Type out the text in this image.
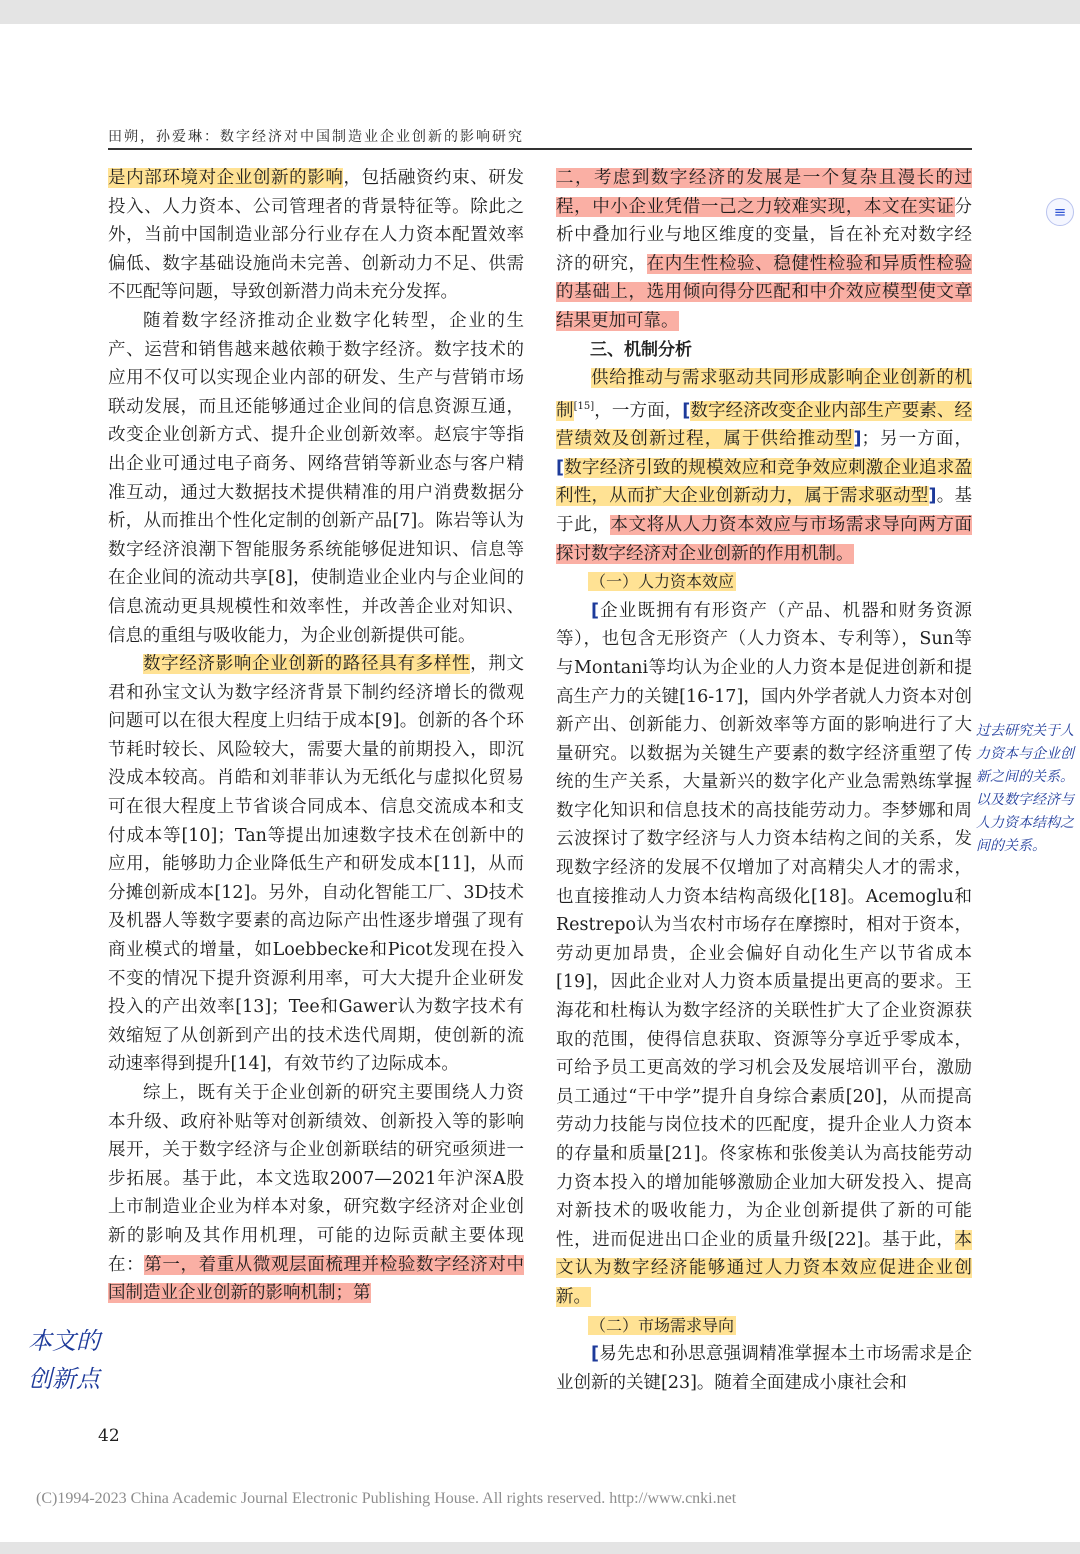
≡
田朔，孙爱琳：数字经济对中国制造业企业创新的影响研究

是内部环境对企业创新的影响，包括融资约束、研发投入、人力资本、公司管理者的背景特征等。除此之外，当前中国制造业部分行业存在人力资本配置效率偏低、数字基础设施尚未完善、创新动力不足、供需不匹配等问题，导致创新潜力尚未充分发挥。

随着数字经济推动企业数字化转型，企业的生产、运营和销售越来越依赖于数字经济。数字技术的应用不仅可以实现企业内部的研发、生产与营销市场联动发展，而且还能够通过企业间的信息资源互通，改变企业创新方式、提升企业创新效率。赵宸宇等指出企业可通过电子商务、网络营销等新业态与客户精准互动，通过大数据技术提供精准的用户消费数据分析，从而推出个性化定制的创新产品[7]。陈岩等认为数字经济浪潮下智能服务系统能够促进知识、信息等在企业间的流动共享[8]，使制造业企业内与企业间的信息流动更具规模性和效率性，并改善企业对知识、信息的重组与吸收能力，为企业创新提供可能。

数字经济影响企业创新的路径具有多样性，荆文君和孙宝文认为数字经济背景下制约经济增长的微观问题可以在很大程度上归结于成本[9]。创新的各个环节耗时较长、风险较大，需要大量的前期投入，即沉没成本较高。肖皓和刘菲菲认为无纸化与虚拟化贸易可在很大程度上节省谈合同成本、信息交流成本和支付成本等[10]；Tan等提出加速数字技术在创新中的应用，能够助力企业降低生产和研发成本[11]，从而分摊创新成本[12]。另外，自动化智能工厂、3D技术及机器人等数字要素的高边际产出性逐步增强了现有商业模式的增量，如Loebbecke和Picot发现在投入不变的情况下提升资源利用率，可大大提升企业研发投入的产出效率[13]；Tee和Gawer认为数字技术有效缩短了从创新到产出的技术迭代周期，使创新的流动速率得到提升[14]，有效节约了边际成本。

综上，既有关于企业创新的研究主要围绕人力资本升级、政府补贴等对创新绩效、创新投入等的影响展开，关于数字经济与企业创新联结的研究亟须进一步拓展。基于此，本文选取2007—2021年沪深A股上市制造业企业为样本对象，研究数字经济对企业创新的影响及其作用机理，可能的边际贡献主要体现在：第一，着重从微观层面梳理并检验数字经济对中国制造业企业创新的影响机制；第

二，考虑到数字经济的发展是一个复杂且漫长的过程，中小企业凭借一己之力较难实现，本文在实证分析中叠加行业与地区维度的变量，旨在补充对数字经济的研究，在内生性检验、稳健性检验和异质性检验的基础上，选用倾向得分匹配和中介效应模型使文章结果更加可靠。

三、机制分析

供给推动与需求驱动共同形成影响企业创新的机制[15]，一方面，[数字经济改变企业内部生产要素、经营绩效及创新过程，属于供给推动型]；另一方面，[数字经济引致的规模效应和竞争效应刺激企业追求盈利性，从而扩大企业创新动力，属于需求驱动型]。基于此，本文将从人力资本效应与市场需求导向两方面探讨数字经济对企业创新的作用机制。

（一）人力资本效应

[企业既拥有有形资产（产品、机器和财务资源等），也包含无形资产（人力资本、专利等），Sun等与Montani等均认为企业的人力资本是促进创新和提高生产力的关键[16-17]，国内外学者就人力资本对创新产出、创新能力、创新效率等方面的影响进行了大量研究。以数据为关键生产要素的数字经济重塑了传统的生产关系，大量新兴的数字化产业急需熟练掌握数字化知识和信息技术的高技能劳动力。李梦娜和周云波探讨了数字经济与人力资本结构之间的关系，发现数字经济的发展不仅增加了对高精尖人才的需求，也直接推动人力资本结构高级化[18]。Acemoglu和Restrepo认为当农村市场存在摩擦时，相对于资本，劳动更加昂贵，企业会偏好自动化生产以节省成本[19]，因此企业对人力资本质量提出更高的要求。王海花和杜梅认为数字经济的关联性扩大了企业资源获取的范围，使得信息获取、资源等分享近乎零成本，可给予员工更高效的学习机会及发展培训平台，激励员工通过“干中学”提升自身综合素质[20]，从而提高劳动力技能与岗位技术的匹配度，提升企业人力资本的存量和质量[21]。佟家栋和张俊美认为高技能劳动力资本投入的增加能够激励企业加大研发投入、提高对新技术的吸收能力，为企业创新提供了新的可能性，进而促进出口企业的质量升级[22]。基于此，本文认为数字经济能够通过人力资本效应促进企业创新。

（二）市场需求导向

[易先忠和孙思意强调精准掌握本土市场需求是企业创新的关键[23]。随着全面建成小康社会和

过去研究关于人力资本与企业创新之间的关系。以及数字经济与人力资本结构之间的关系。
本文的创新点
42
(C)1994-2023 China Academic Journal Electronic Publishing House. All rights reserved. http://www.cnki.net
